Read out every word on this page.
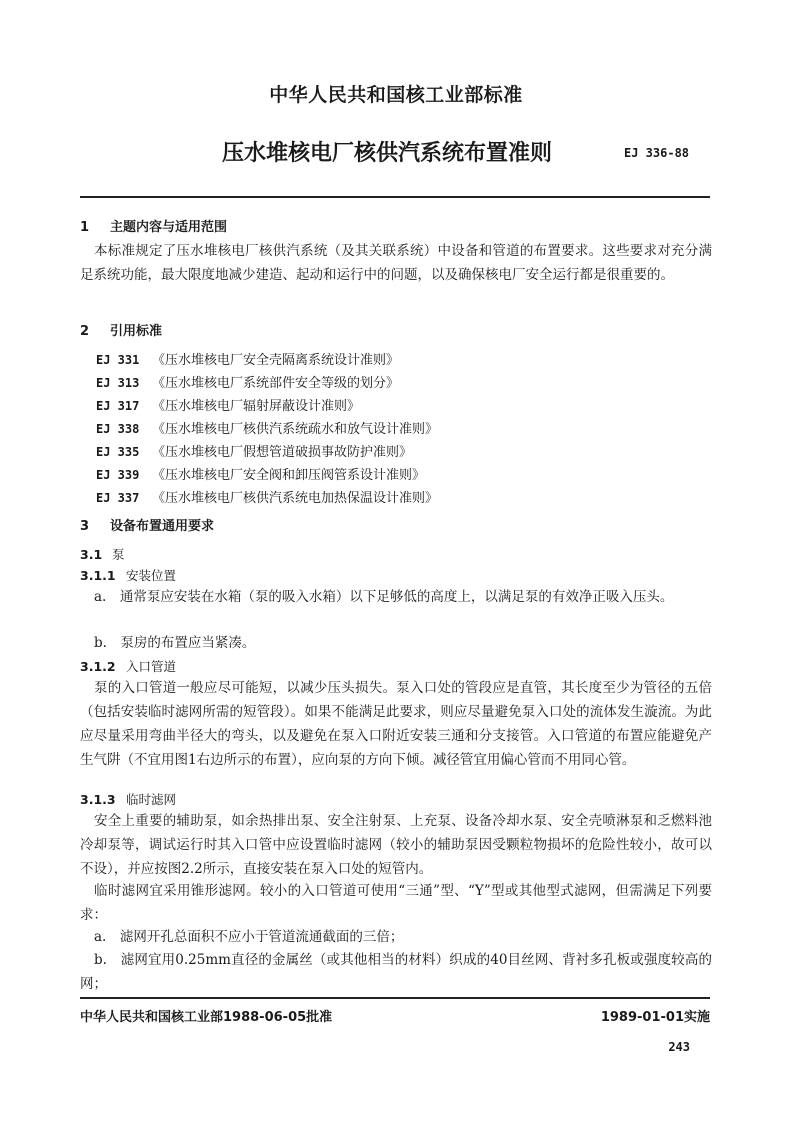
中华人民共和国核工业部标准
压水堆核电厂核供汽系统布置准则	EJ 336-88
1 主题内容与适用范围
本标准规定了压水堆核电厂核供汽系统（及其关联系统）中设备和管道的布置要求。这些要求对充分满足系统功能，最大限度地减少建造、起动和运行中的问题，以及确保核电厂安全运行都是很重要的。
2 引用标准
EJ 331 《压水堆核电厂安全壳隔离系统设计准则》
EJ 313 《压水堆核电厂系统部件安全等级的划分》
EJ 317 《压水堆核电厂辐射屏蔽设计准则》
EJ 338 《压水堆核电厂核供汽系统疏水和放气设计准则》
EJ 335 《压水堆核电厂假想管道破损事故防护准则》
EJ 339 《压水堆核电厂安全阀和卸压阀管系设计准则》
EJ 337 《压水堆核电厂核供汽系统电加热保温设计准则》
3 设备布置通用要求
3.1 泵
3.1.1 安装位置
a.　 通常泵应安装在水箱（泵的吸入水箱）以下足够低的高度上，以满足泵的有效净正吸入压头。
b.　 泵房的布置应当紧凑。
3.1.2 入口管道
泵的入口管道一般应尽可能短，以减少压头损失。泵入口处的管段应是直管，其长度至少为管径的五倍（包括安装临时滤网所需的短管段）。如果不能满足此要求，则应尽量避免泵入口处的流体发生漩流。为此应尽量采用弯曲半径大的弯头，以及避免在泵入口附近安装三通和分支接管。入口管道的布置应能避免产生气阱（不宜用图1右边所示的布置），应向泵的方向下倾。减径管宜用偏心管而不用同心管。
3.1.3 临时滤网
安全上重要的辅助泵，如余热排出泵、安全注射泵、上充泵、设备冷却水泵、安全壳喷淋泵和乏燃料池冷却泵等，调试运行时其入口管中应设置临时滤网（较小的辅助泵因受颗粒物损坏的危险性较小，故可以不设），并应按图2.2所示，直接安装在泵入口处的短管内。
临时滤网宜采用锥形滤网。较小的入口管道可使用“三通”型、“Y”型或其他型式滤网，但需满足下列要求：
a.　 滤网开孔总面积不应小于管道流通截面的三倍；
b.　 滤网宜用0.25mm直径的金属丝（或其他相当的材料）织成的40目丝网、背衬多孔板或强度较高的网；
中华人民共和国核工业部1988-06-05批准	1989-01-01实施
243
